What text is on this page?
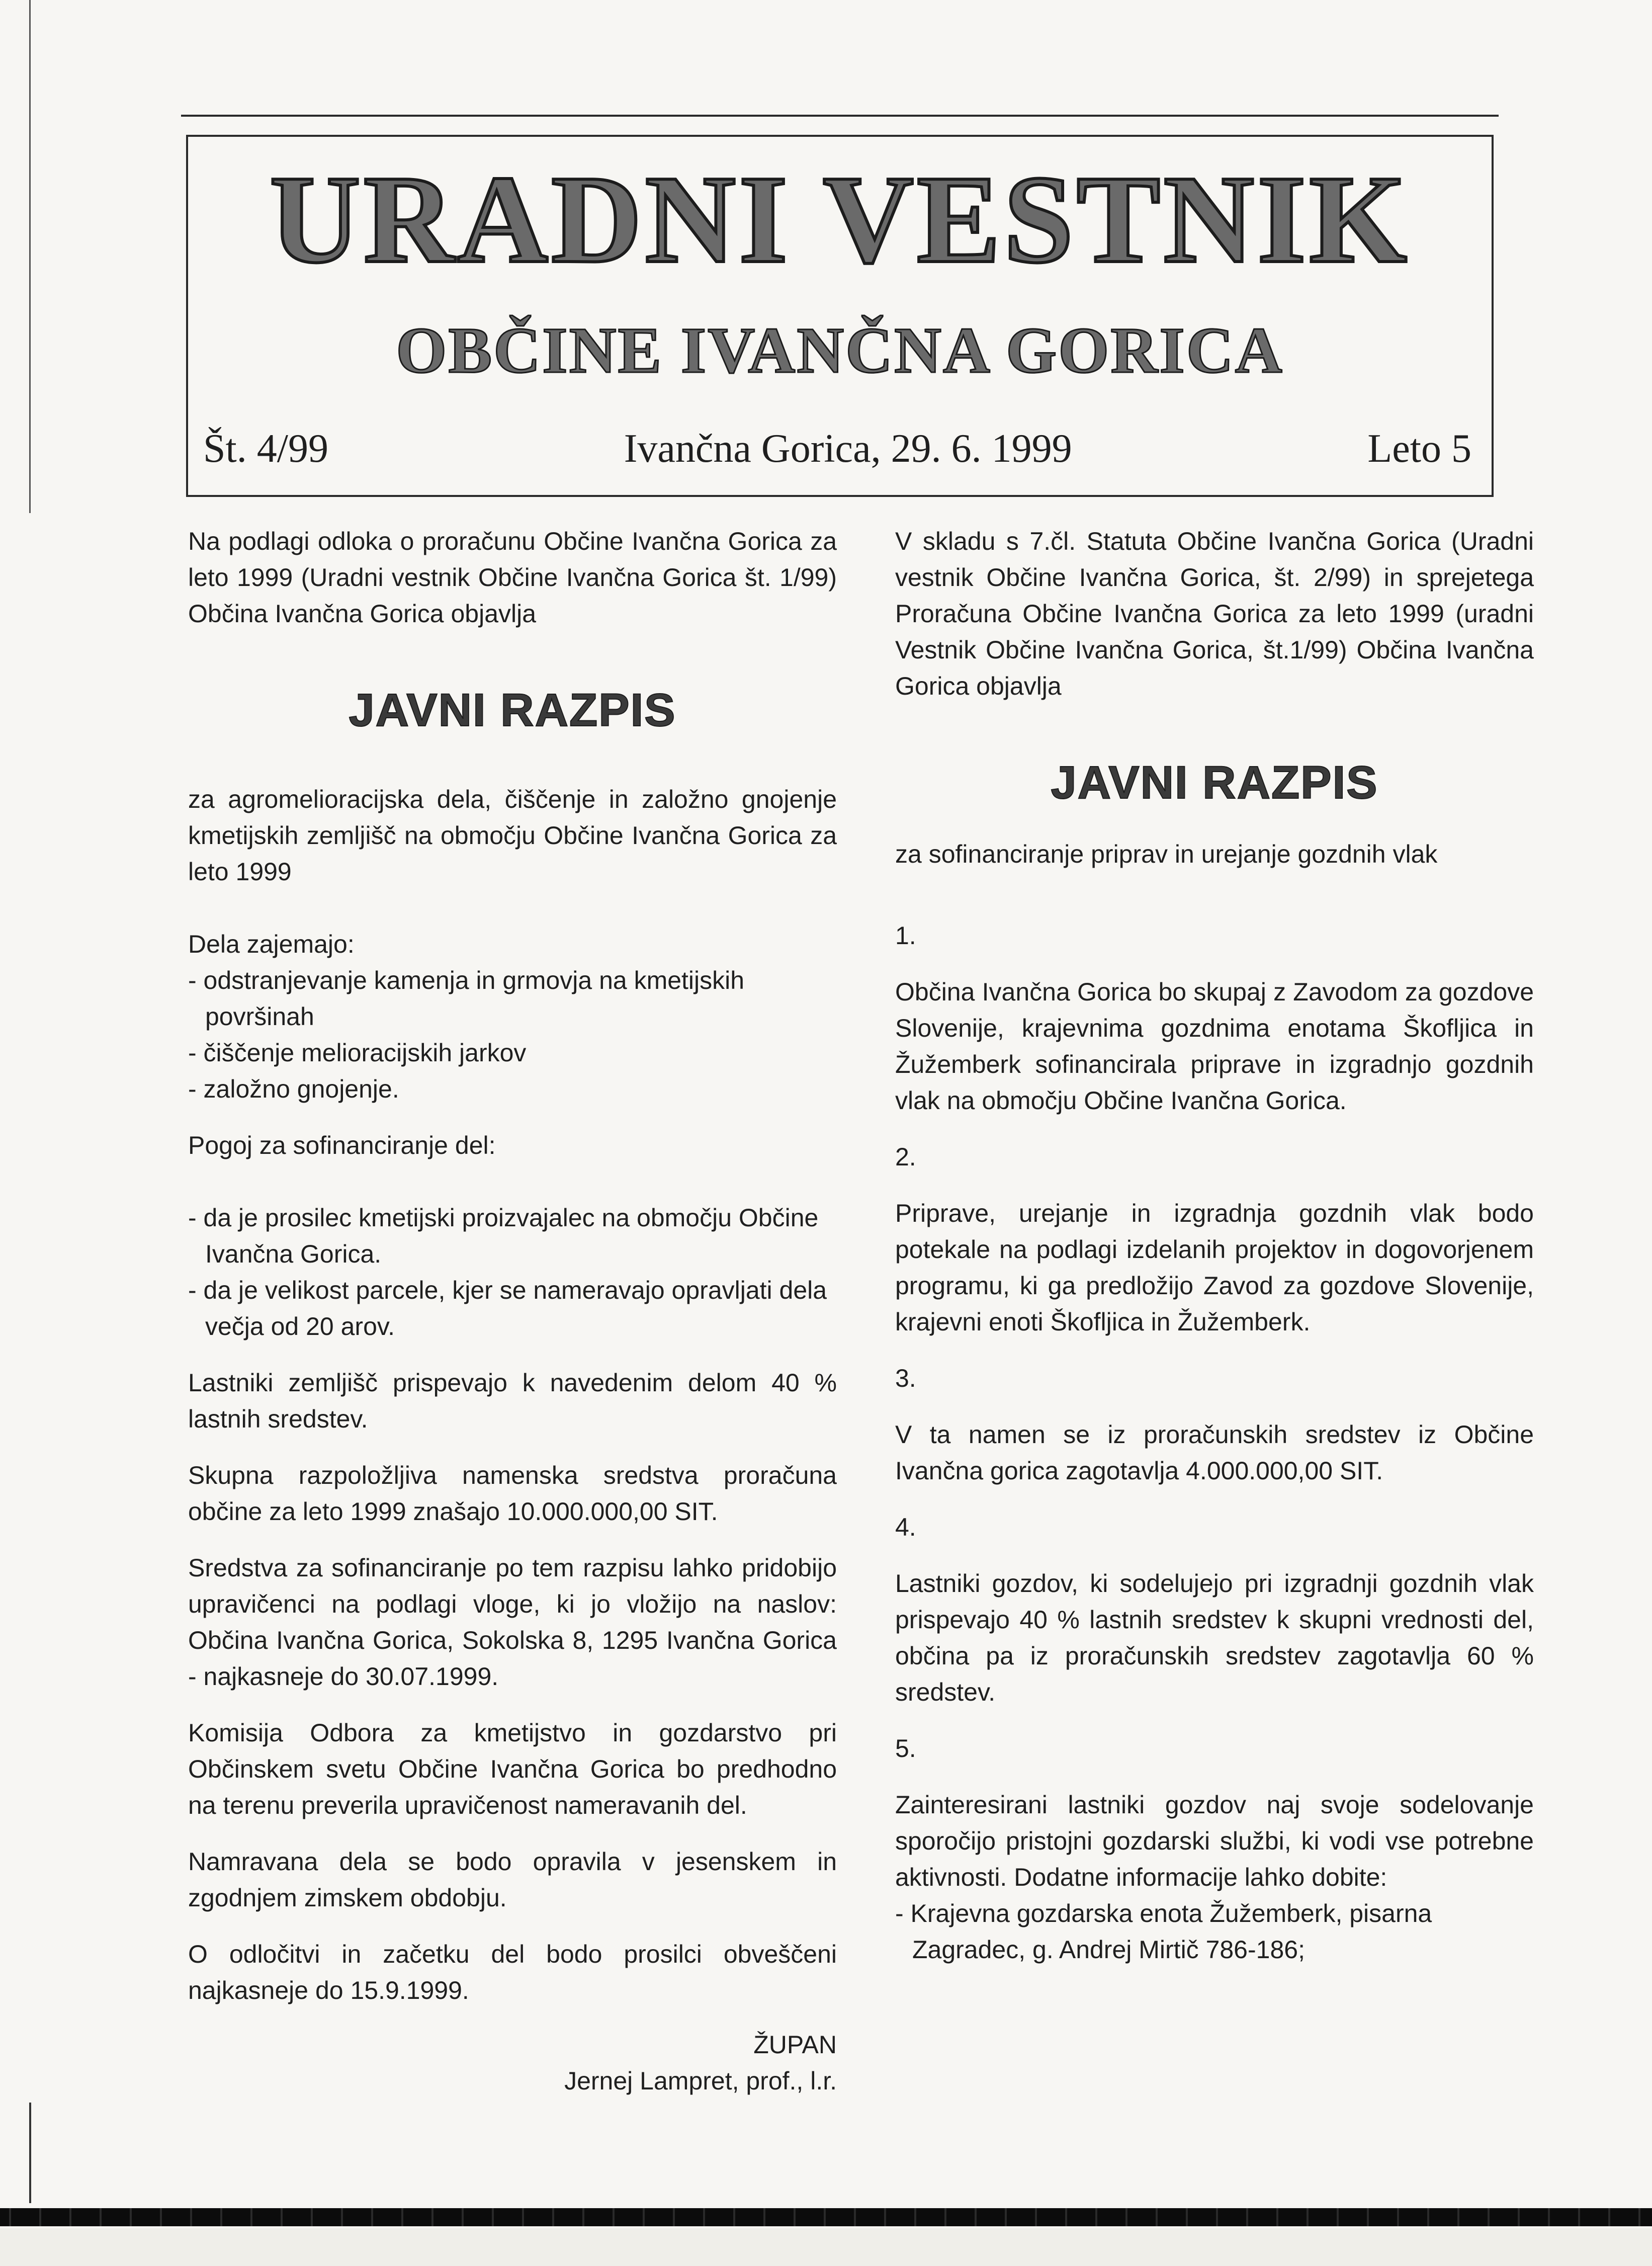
URADNI VESTNIK
OBČINE IVANČNA GORICA
Št. 4/99	Ivančna Gorica, 29. 6. 1999	Leto 5

Na podlagi odloka o proračunu Občine Ivančna Gorica za leto 1999 (Uradni vestnik Občine Ivančna Gorica št. 1/99) Občina Ivančna Gorica objavlja

JAVNI RAZPIS

za agromelioracijska dela, čiščenje in založno gnojenje kmetijskih zemljišč na območju Občine Ivančna Gorica za leto 1999

Dela zajemajo:

- odstranjevanje kamenja in grmovja na kmetijskih površinah
- čiščenje melioracijskih jarkov
- založno gnojenje.

Pogoj za sofinanciranje del:

- da je prosilec kmetijski proizvajalec na območju Občine Ivančna Gorica.
- da je velikost parcele, kjer se nameravajo opravljati dela večja od 20 arov.

Lastniki zemljišč prispevajo k navedenim delom 40 % lastnih sredstev.

Skupna razpoložljiva namenska sredstva proračuna občine za leto 1999 znašajo 10.000.000,00 SIT.

Sredstva za sofinanciranje po tem razpisu lahko pridobijo upravičenci na podlagi vloge, ki jo vložijo na naslov: Občina Ivančna Gorica, Sokolska 8, 1295 Ivančna Gorica - najkasneje do 30.07.1999.

Komisija Odbora za kmetijstvo in gozdarstvo pri Občinskem svetu Občine Ivančna Gorica bo predhodno na terenu preverila upravičenost nameravanih del.

Namravana dela se bodo opravila v jesenskem in zgodnjem zimskem obdobju.

O odločitvi in začetku del bodo prosilci obveščeni najkasneje do 15.9.1999.

ŽUPAN
Jernej Lampret, prof., l.r.

V skladu s 7.čl. Statuta Občine Ivančna Gorica (Uradni vestnik Občine Ivančna Gorica, št. 2/99) in sprejetega Proračuna Občine Ivančna Gorica za leto 1999 (uradni Vestnik Občine Ivančna Gorica, št.1/99) Občina Ivančna Gorica objavlja

JAVNI RAZPIS

za sofinanciranje priprav in urejanje gozdnih vlak

1.

Občina Ivančna Gorica bo skupaj z Zavodom za gozdove Slovenije, krajevnima gozdnima enotama Škofljica in Žužemberk sofinancirala priprave in izgradnjo gozdnih vlak na območju Občine Ivančna Gorica.

2.

Priprave, urejanje in izgradnja gozdnih vlak bodo potekale na podlagi izdelanih projektov in dogovorjenem programu, ki ga predložijo Zavod za gozdove Slovenije, krajevni enoti Škofljica in Žužemberk.

3.

V ta namen se iz proračunskih sredstev iz Občine Ivančna gorica zagotavlja 4.000.000,00 SIT.

4.

Lastniki gozdov, ki sodelujejo pri izgradnji gozdnih vlak prispevajo 40 % lastnih sredstev k skupni vrednosti del, občina pa iz proračunskih sredstev zagotavlja 60 % sredstev.

5.

Zainteresirani lastniki gozdov naj svoje sodelovanje sporočijo pristojni gozdarski službi, ki vodi vse potrebne aktivnosti. Dodatne informacije lahko dobite:

- Krajevna gozdarska enota Žužemberk, pisarna Zagradec, g. Andrej Mirtič 786-186;
